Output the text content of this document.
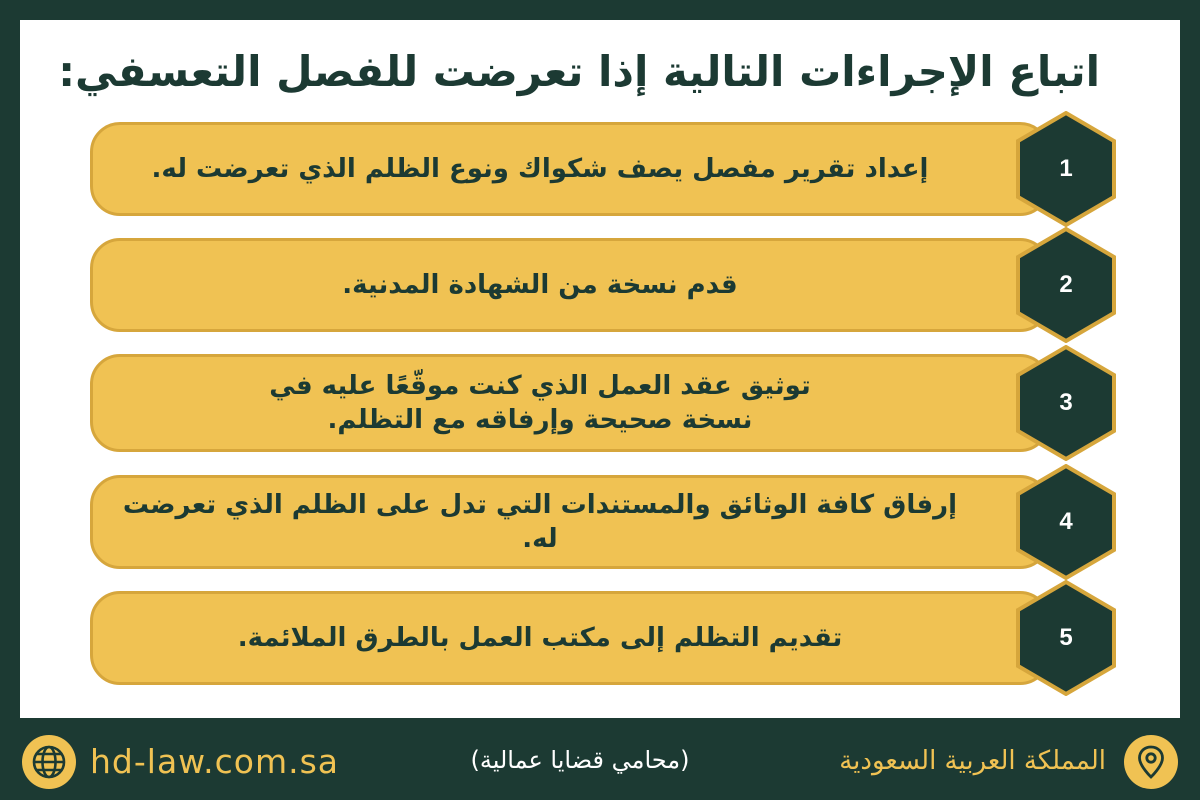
اتباع الإجراءات التالية إذا تعرضت للفصل التعسفي:
إعداد تقرير مفصل يصف شكواك ونوع الظلم الذي تعرضت له.	1
قدم نسخة من الشهادة المدنية.	2
توثيق عقد العمل الذي كنت موقّعًا عليه في
نسخة صحيحة وإرفاقه مع التظلم.
3
إرفاق كافة الوثائق والمستندات التي تدل على الظلم الذي تعرضت له.
4
تقديم التظلم إلى مكتب العمل بالطرق الملائمة.	5
hd-law.com.sa	(محامي قضايا عمالية)	المملكة العربية السعودية
